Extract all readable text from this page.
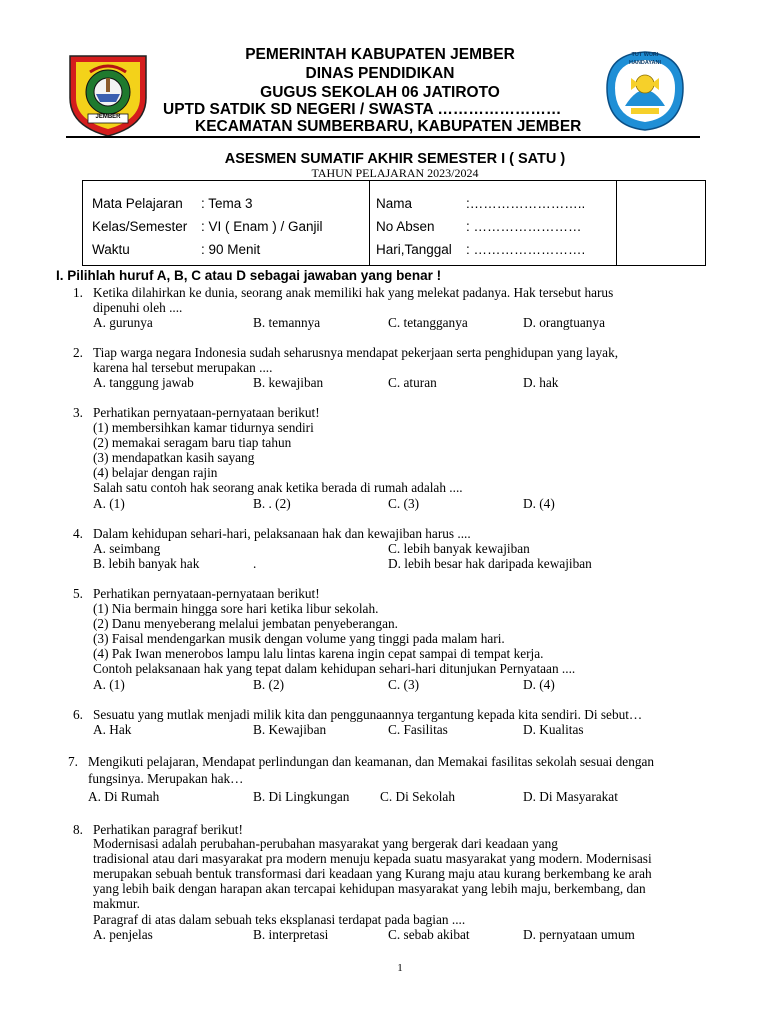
JEMBER
TUT WURI HANDAYANI
PEMERINTAH KABUPATEN JEMBER
DINAS PENDIDIKAN
GUGUS SEKOLAH 06 JATIROTO
UPTD SATDIK SD NEGERI / SWASTA ……………………
KECAMATAN SUMBERBARU, KABUPATEN JEMBER
ASESMEN SUMATIF AKHIR SEMESTER I ( SATU )
TAHUN PELAJARAN 2023/2024
Mata Pelajaran : Tema 3
Kelas/Semester : VI ( Enam ) / Ganjil
Waktu	: 90 Menit
Nama	:……………………..
No Absen : ……………………
Hari,Tanggal : …………………….
I. Pilihlah huruf A, B, C atau D sebagai jawaban yang benar !
1. Ketika dilahirkan ke dunia, seorang anak memiliki hak yang melekat padanya. Hak tersebut harus
dipenuhi oleh ....
A. gurunya	B. temannya	C. tetangganya	D. orangtuanya
2. Tiap warga negara Indonesia sudah seharusnya mendapat pekerjaan serta penghidupan yang layak,
karena hal tersebut merupakan ....
A. tanggung jawab	B. kewajiban	C. aturan	D. hak
3. Perhatikan pernyataan-pernyataan berikut!
(1) membersihkan kamar tidurnya sendiri
(2) memakai seragam baru tiap tahun
(3) mendapatkan kasih sayang
(4) belajar dengan rajin
Salah satu contoh hak seorang anak ketika berada di rumah adalah ....
A. (1)	B. . (2)	C. (3)	D. (4)
4. Dalam kehidupan sehari-hari, pelaksanaan hak dan kewajiban harus ....
A. seimbang	C. lebih banyak kewajiban
B. lebih banyak hak	.	D. lebih besar hak daripada kewajiban
5. Perhatikan pernyataan-pernyataan berikut!
(1) Nia bermain hingga sore hari ketika libur sekolah.
(2) Danu menyeberang melalui jembatan penyeberangan.
(3) Faisal mendengarkan musik dengan volume yang tinggi pada malam hari.
(4) Pak Iwan menerobos lampu lalu lintas karena ingin cepat sampai di tempat kerja.
Contoh pelaksanaan hak yang tepat dalam kehidupan sehari-hari ditunjukan Pernyataan ....
A. (1)	B. (2)	C. (3)	D. (4)
6. Sesuatu yang mutlak menjadi milik kita dan penggunaannya tergantung kepada kita sendiri. Di sebut…
A. Hak	B. Kewajiban	C. Fasilitas	D. Kualitas
7. Mengikuti pelajaran, Mendapat perlindungan dan keamanan, dan Memakai fasilitas sekolah sesuai dengan
fungsinya. Merupakan hak…
A. Di Rumah	B. Di Lingkungan C. Di Sekolah	D. Di Masyarakat
8. Perhatikan paragraf berikut!
Modernisasi adalah perubahan-perubahan masyarakat yang bergerak dari keadaan yang
tradisional atau dari masyarakat pra modern menuju kepada suatu masyarakat yang modern. Modernisasi
merupakan sebuah bentuk transformasi dari keadaan yang Kurang maju atau kurang berkembang ke arah
yang lebih baik dengan harapan akan tercapai kehidupan masyarakat yang lebih maju, berkembang, dan
makmur.
Paragraf di atas dalam sebuah teks eksplanasi terdapat pada bagian ....
A. penjelas	B. interpretasi	C. sebab akibat	D. pernyataan umum
1
